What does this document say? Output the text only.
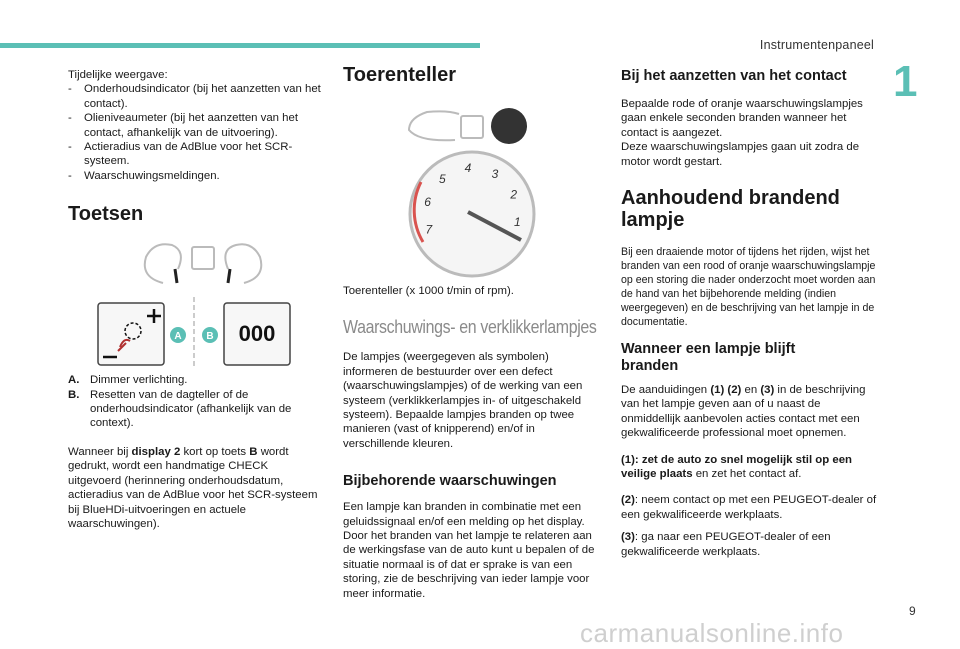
Instrumentenpaneel
1

Tijdelijke weergave:

- Onderhoudsindicator (bij het aanzetten van het contact).
- Olieniveaumeter (bij het aanzetten van het contact, afhankelijk van de uitvoering).
- Actieradius van de AdBlue voor het SCR-systeem.
- Waarschuwingsmeldingen.
Toetsen
000
A B
A. Dimmer verlichting.
B. Resetten van de dagteller of de onderhoudsindicator (afhankelijk van de context).

Wanneer bij display 2 kort op toets B wordt gedrukt, wordt een handmatige CHECK uitgevoerd (herinnering onderhoudsdatum, actieradius van de AdBlue voor het SCR-systeem bij BlueHDi-uitvoeringen en actuele waarschuwingen).

Toerenteller
1
2
3
4
5
6
7

Toerenteller (x 1000 t/min of rpm).

Waarschuwings- en verklikkerlampjes

De lampjes (weergegeven als symbolen) informeren de bestuurder over een defect (waarschuwingslampjes) of de werking van een systeem (verklikkerlampjes in- of uitgeschakeld systeem). Bepaalde lampjes branden op twee manieren (vast of knipperend) en/of in verschillende kleuren.

Bijbehorende waarschuwingen

Een lampje kan branden in combinatie met een geluidssignaal en/of een melding op het display.
Door het branden van het lampje te relateren aan de werkingsfase van de auto kunt u bepalen of de situatie normaal is of dat er sprake is van een storing, zie de beschrijving van ieder lampje voor meer informatie.

Bij het aanzetten van het contact

Bepaalde rode of oranje waarschuwingslampjes gaan enkele seconden branden wanneer het contact is aangezet.
Deze waarschuwingslampjes gaan uit zodra de motor wordt gestart.

Aanhoudend brandend lampje

Bij een draaiende motor of tijdens het rijden, wijst het branden van een rood of oranje waarschuwingslampje op een storing die nader onderzocht moet worden aan de hand van het bijbehorende melding (indien weergegeven) en de beschrijving van het lampje in de documentatie.

Wanneer een lampje blijft branden

De aanduidingen (1) (2) en (3) in de beschrijving van het lampje geven aan of u naast de onmiddellijk aanbevolen acties contact met een gekwalificeerde professional moet opnemen.

(1): zet de auto zo snel mogelijk stil op een veilige plaats en zet het contact af.

(2): neem contact op met een PEUGEOT-dealer of een gekwalificeerde werkplaats.

(3): ga naar een PEUGEOT-dealer of een gekwalificeerde werkplaats.

9
carmanualsonline.info
